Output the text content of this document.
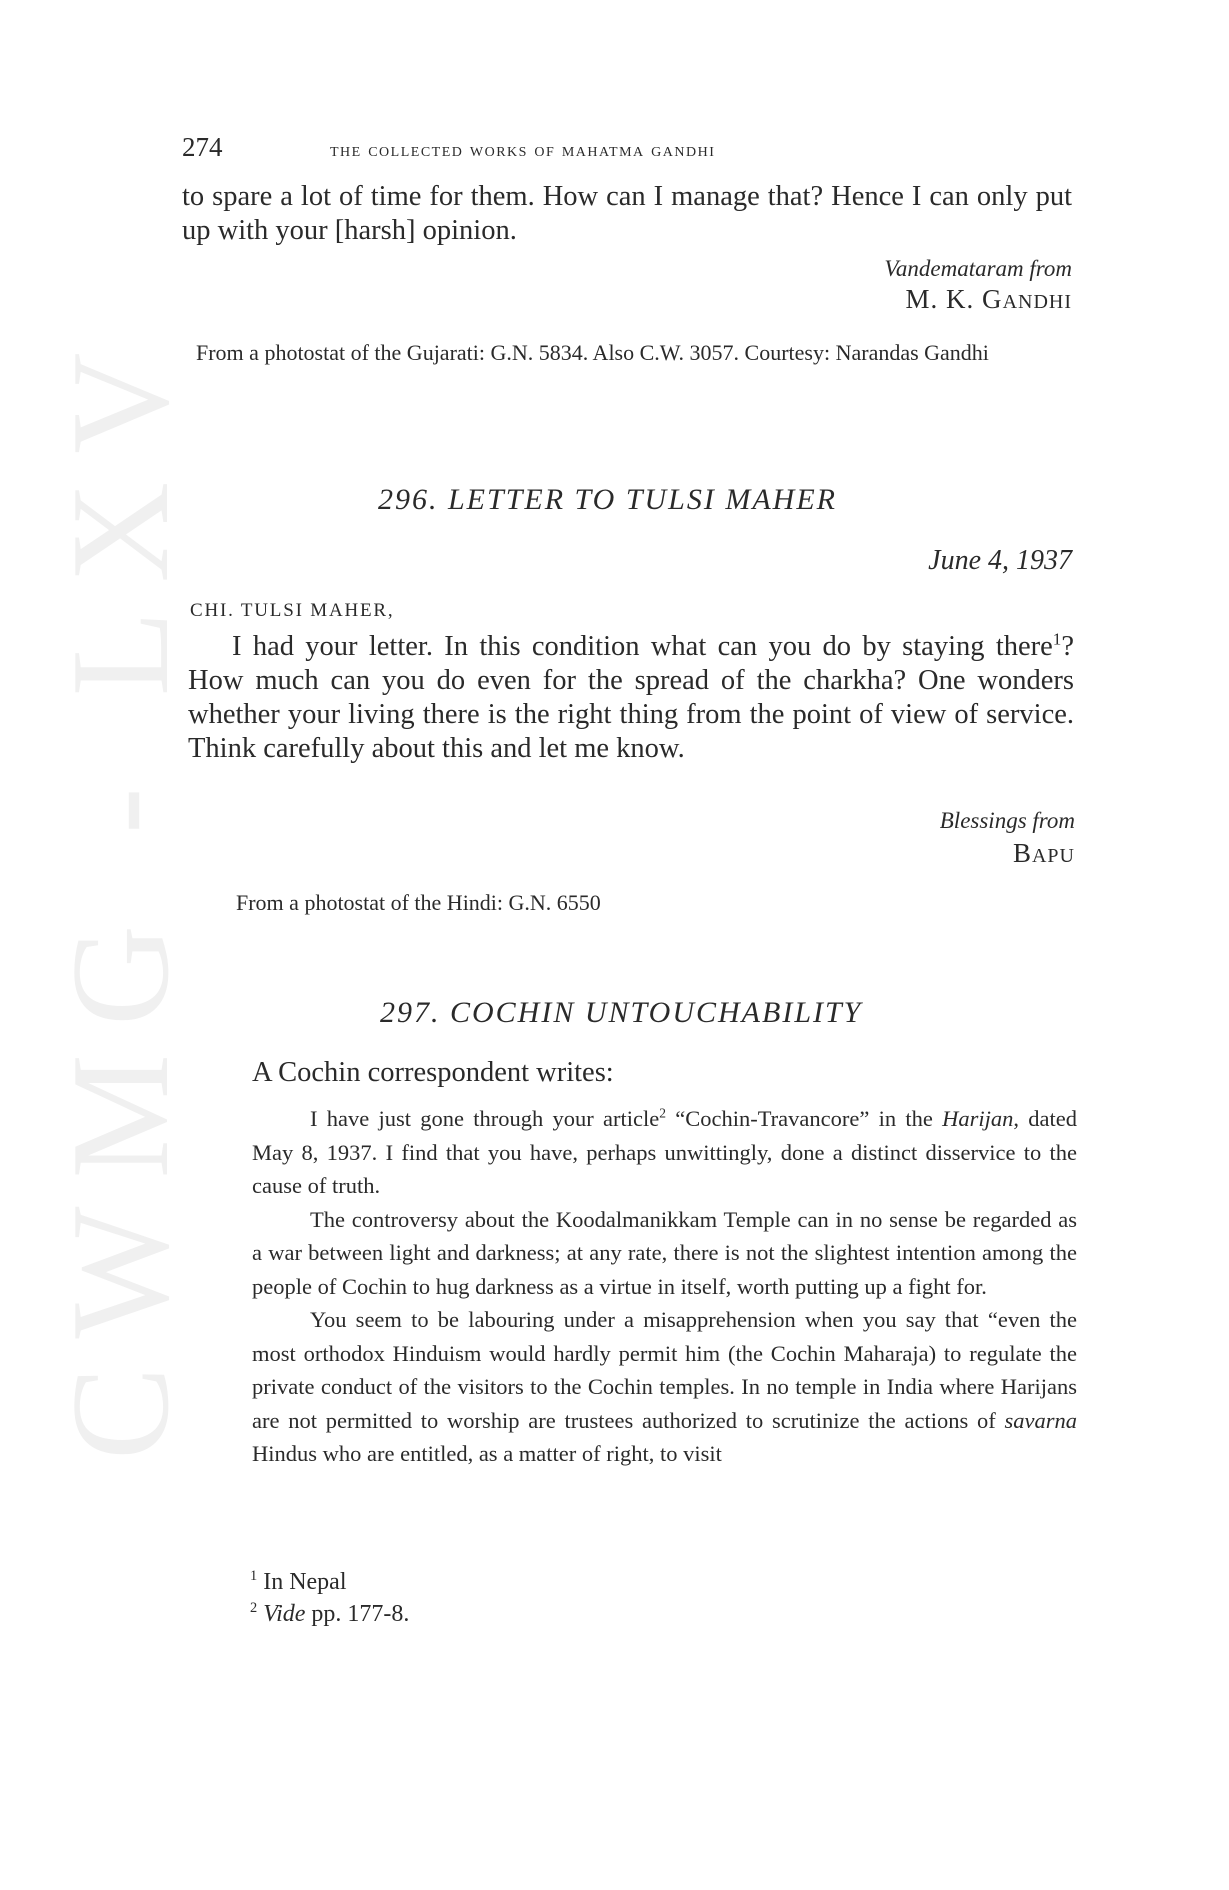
CWMG - LXV
274	the collected works of mahatma gandhi
to spare a lot of time for them. How can I manage that? Hence I can only put up with your [harsh] opinion.
Vandemataram from
M. K. GANDHI
From a photostat of the Gujarati: G.N. 5834. Also C.W. 3057. Courtesy: Narandas Gandhi
296. LETTER TO TULSI MAHER
June 4, 1937
CHI. TULSI MAHER,
I had your letter. In this condition what can you do by staying there$^1$? How much can you do even for the spread of the charkha? One wonders whether your living there is the right thing from the point of view of service. Think carefully about this and let me know.
Blessings from
BAPU
From a photostat of the Hindi: G.N. 6550
297. COCHIN UNTOUCHABILITY
A Cochin correspondent writes:

I have just gone through your article$^2$ “Cochin-Travancore” in the Harijan, dated May 8, 1937. I find that you have, perhaps unwittingly, done a distinct disservice to the cause of truth.

The controversy about the Koodalmanikkam Temple can in no sense be regarded as a war between light and darkness; at any rate, there is not the slightest intention among the people of Cochin to hug darkness as a virtue in itself, worth putting up a fight for.

You seem to be labouring under a misapprehension when you say that “even the most orthodox Hinduism would hardly permit him (the Cochin Maharaja) to regulate the private conduct of the visitors to the Cochin temples. In no temple in India where Harijans are not permitted to worship are trustees authorized to scrutinize the actions of savarna Hindus who are entitled, as a matter of right, to visit

$^1$ In Nepal
$^2$ Vide pp. 177-8.
